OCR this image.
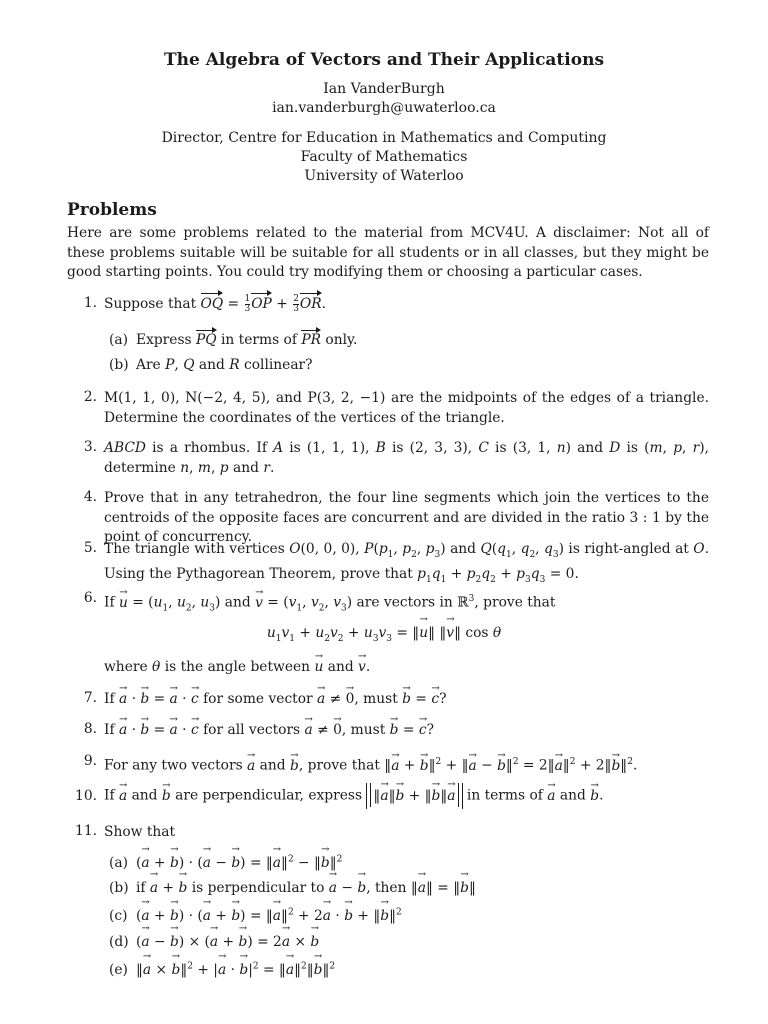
The Algebra of Vectors and Their Applications
Ian VanderBurgh
ian.vanderburgh@uwaterloo.ca
Director, Centre for Education in Mathematics and Computing
Faculty of Mathematics
University of Waterloo
Problems
Here are some problems related to the material from MCV4U. A disclaimer: Not all of these problems suitable will be suitable for all students or in all classes, but they might be good starting points. You could try modifying them or choosing a particular cases.
1. Suppose that OQ = $\frac{1}{3}$ OP + $\frac{2}{3}$ OR.
(a) Express PQ in terms of PR only.
(b) Are P, Q and R collinear?
2. M(1, 1, 0), N(−2, 4, 5), and P(3, 2, −1) are the midpoints of the edges of a triangle. Determine the coordinates of the vertices of the triangle.
3. ABCD is a rhombus. If A is (1, 1, 1), B is (2, 3, 3), C is (3, 1, n) and D is (m, p, r), determine n, m, p and r.
4. Prove that in any tetrahedron, the four line segments which join the vertices to the centroids of the opposite faces are concurrent and are divided in the ratio 3 : 1 by the point of concurrency.
5. The triangle with vertices O(0, 0, 0), $P(p_1$, $p_2$, $p_3$) and $Q(q_1$, $q_2$, $q_3$) is right-angled at O. Using the Pythagorean Theorem, prove that $p_1q_1 + p_2q_2 + p_3q_3 = 0$.
6. $If \to u = (u_1$, $u_2$, $u_3$) and → $v = (v_1$, $v_2$, $v_3$) are vectors in ℝ$^3$, prove that
$u_1v_1 + u_2v_2 + u_3v_3$ = ‖→ u‖ ‖→ v‖ cos θ
where θ is the angle between → u and → v.
7. If → a · → b = → a · → c for some vector → a ≠ → 0, must → b = → c?
8. If → a · → b = → a · → c for all vectors → a ≠ → 0, must → b = → c?
9. For any two vectors → a and → b, prove that ‖→ a + → b‖$^2$ + ‖→ a − → b‖$^2$ = 2‖→ a‖$^2$ + 2‖→ b‖$^2$.
10. If → a and → b are perpendicular, express ‖→ a‖→ b + ‖→ b‖→ a in terms of → a and → b.
11. Show that
(a) (→ a + → b) · (→ a − → b) = ‖→ a‖$^2$ − ‖→ b‖$^2$
(b) if → a + → b is perpendicular to → a − → b, then ‖→ a‖ = ‖→ b‖
(c) (→ a + → b) · (→ a + → b) = ‖→ a‖$^2$ + 2→ a · → b + ‖→ b‖$^2$
(d) (→ a − → b) × (→ a + → b) = 2→ a × → b
(e) ‖→ a × → b‖$^2$ + |→ a · → $b|^2$ = ‖→ a‖$^2$‖→ b‖$^2$
